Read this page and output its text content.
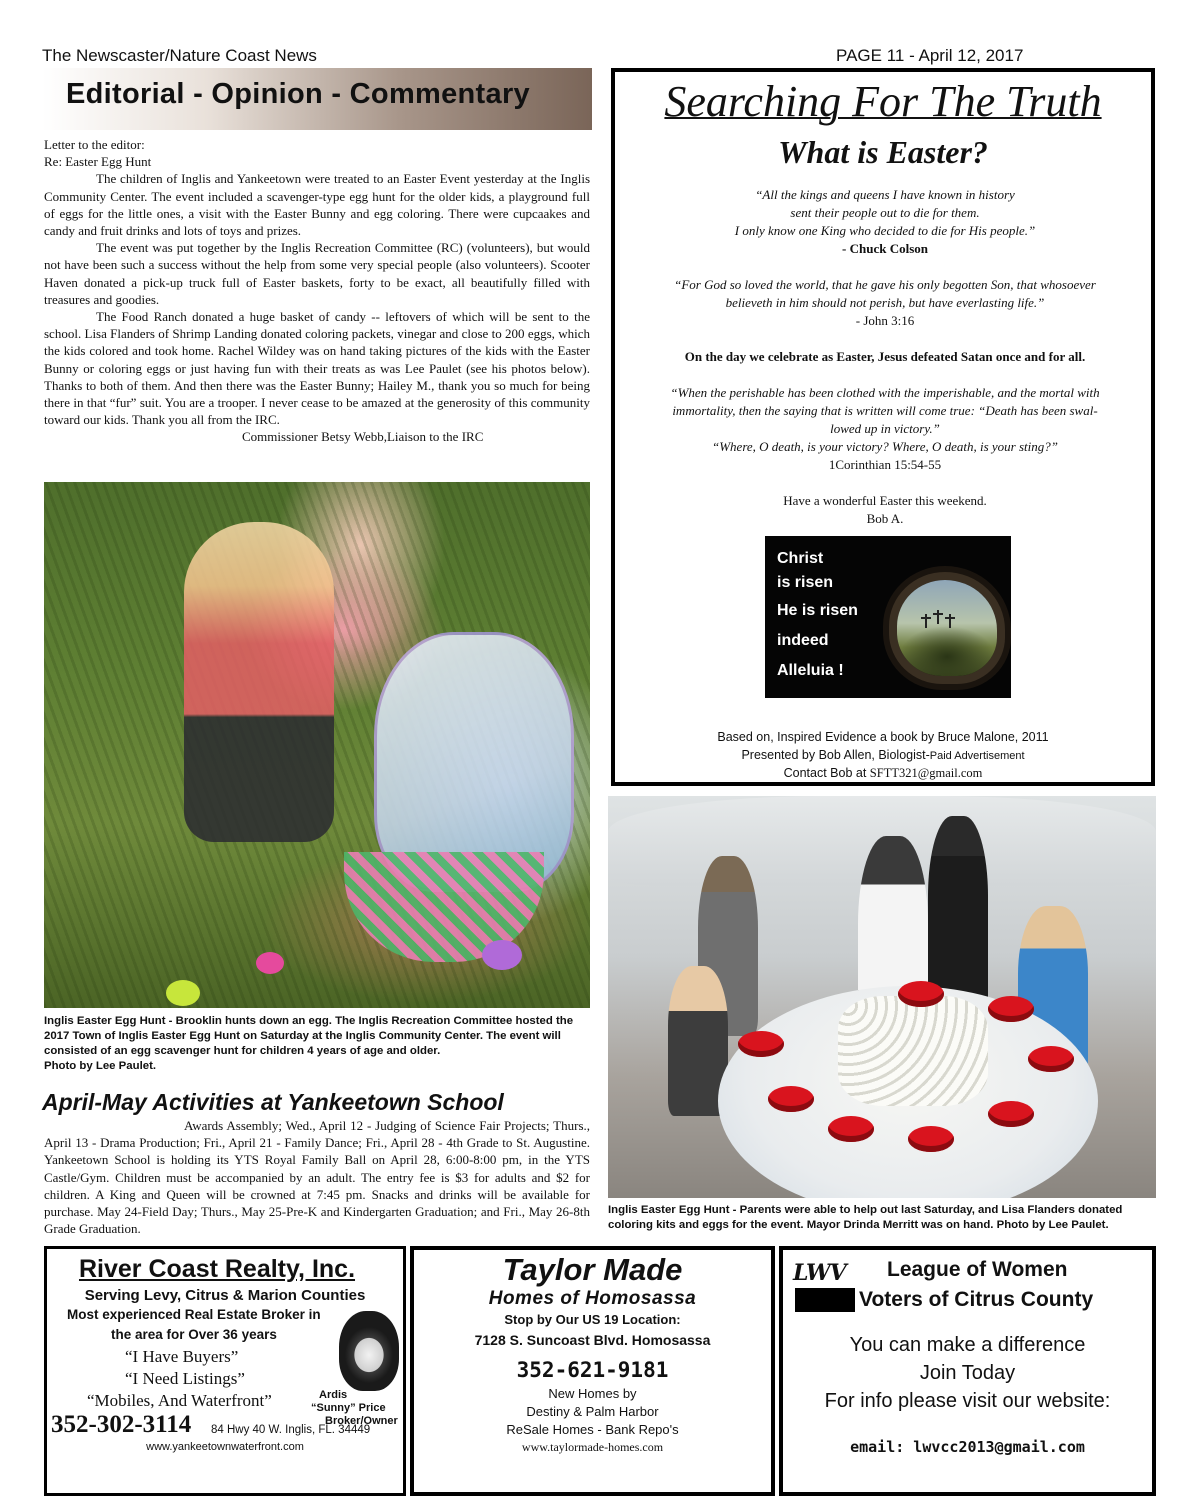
The Newscaster/Nature Coast News	PAGE 11 - April 12, 2017
Editorial - Opinion - Commentary

Letter to the editor:

Re: Easter Egg Hunt

The children of Inglis and Yankeetown were treated to an Easter Event yesterday at the Inglis Community Center. The event included a scavenger-type egg hunt for the older kids, a playground full of eggs for the little ones, a visit with the Easter Bunny and egg coloring. There were cupcaakes and candy and fruit drinks and lots of toys and prizes.

The event was put together by the Inglis Recreation Committee (RC) (volunteers), but would not have been such a success without the help from some very special people (also volunteers). Scooter Haven donated a pick-up truck full of Easter baskets, forty to be exact, all beautifully filled with treasures and goodies.

The Food Ranch donated a huge basket of candy -- leftovers of which will be sent to the school. Lisa Flanders of Shrimp Landing donated coloring packets, vinegar and close to 200 eggs, which the kids colored and took home. Rachel Wildey was on hand taking pictures of the kids with the Easter Bunny or coloring eggs or just having fun with their treats as was Lee Paulet (see his photos below). Thanks to both of them. And then there was the Easter Bunny; Hailey M., thank you so much for being there in that “fur” suit. You are a trooper. I never cease to be amazed at the generosity of this community toward our kids. Thank you all from the IRC.

Commissioner Betsy Webb,Liaison to the IRC

Inglis Easter Egg Hunt - Brooklin hunts down an egg. The Inglis Recreation Committee hosted the 2017 Town of Inglis Easter Egg Hunt on Saturday at the Inglis Community Center. The event will consisted of an egg scavenger hunt for children 4 years of age and older.
Photo by Lee Paulet.
April-May Activities at Yankeetown School
Awards Assembly; Wed., April 12 - Judging of Science Fair Projects; Thurs., April 13 - Drama Production; Fri., April 21 - Family Dance; Fri., April 28 - 4th Grade to St. Augustine. Yankeetown School is holding its YTS Royal Family Ball on April 28, 6:00-8:00 pm, in the YTS Castle/Gym. Children must be accompanied by an adult. The entry fee is $3 for adults and $2 for children. A King and Queen will be crowned at 7:45 pm. Snacks and drinks will be available for purchase. May 24-Field Day; Thurs., May 25-Pre-K and Kindergarten Graduation; and Fri., May 26-8th Grade Graduation.
Searching For The Truth
What is Easter?
“All the kings and queens I have known in history
sent their people out to die for them.
I only know one King who decided to die for His people.”
- Chuck Colson
“For God so loved the world, that he gave his only begotten Son, that whosoever
believeth in him should not perish, but have everlasting life.”
- John 3:16
On the day we celebrate as Easter, Jesus defeated Satan once and for all.
“When the perishable has been clothed with the imperishable, and the mortal with
immortality, then the saying that is written will come true: “Death has been swal-
lowed up in victory.”
“Where, O death, is your victory? Where, O death, is your sting?”
1Corinthian 15:54-55
Have a wonderful Easter this weekend.
Bob A.
Christ
is risen
He is risen
indeed
Alleluia !
Based on, Inspired Evidence a book by Bruce Malone, 2011
Presented by Bob Allen, Biologist-Paid Advertisement
Contact Bob at SFTT321@gmail.com
Inglis Easter Egg Hunt - Parents were able to help out last Saturday, and Lisa Flanders donated coloring kits and eggs for the event. Mayor Drinda Merritt was on hand. Photo by Lee Paulet.
River Coast Realty, Inc.
Serving Levy, Citrus & Marion Counties
Most experienced Real Estate Broker in
the area for Over 36 years
“I Have Buyers”
“I Need Listings”
“Mobiles, And Waterfront”	Ardis
“Sunny” Price
Broker/Owner
352-302-3114 84 Hwy 40 W. Inglis, FL. 34449
www.yankeetownwaterfront.com
Taylor Made
Homes of Homosassa
Stop by Our US 19 Location:
7128 S. Suncoast Blvd. Homosassa
352-621-9181
New Homes by
Destiny & Palm Harbor
ReSale Homes - Bank Repo's
www.taylormade-homes.com
LWV	League of Women
Voters of Citrus County
You can make a difference
Join Today
For info please visit our website:
email: lwvcc2013@gmail.com
